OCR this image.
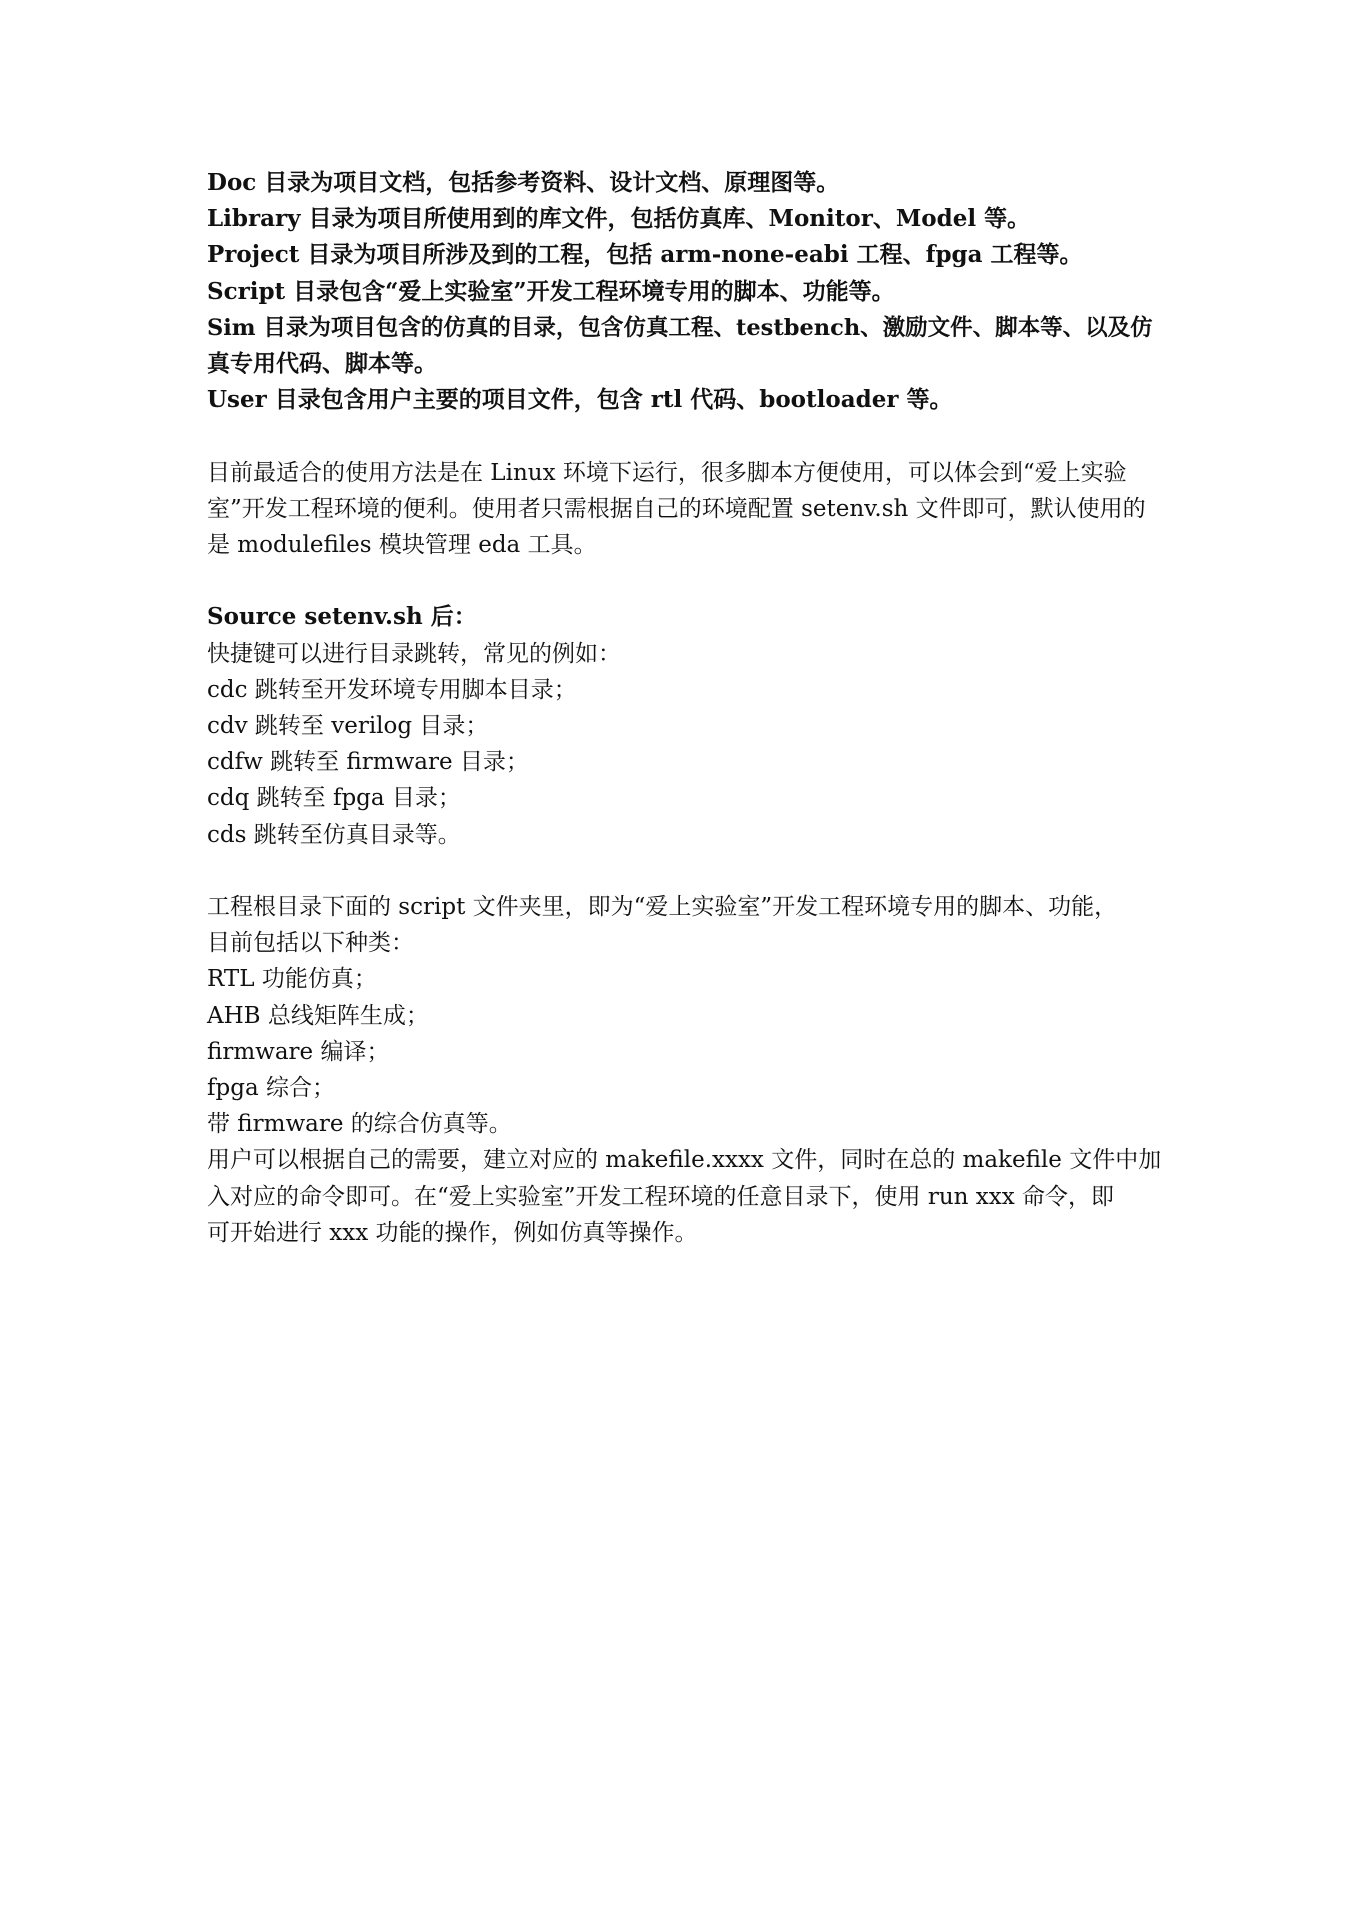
Doc 目录为项目文档，包括参考资料、设计文档、原理图等。
Library 目录为项目所使用到的库文件，包括仿真库、Monitor、Model 等。
Project 目录为项目所涉及到的工程，包括 arm-none-eabi 工程、fpga 工程等。
Script 目录包含“爱上实验室”开发工程环境专用的脚本、功能等。
Sim 目录为项目包含的仿真的目录，包含仿真工程、testbench、激励文件、脚本等、以及仿
真专用代码、脚本等。
User 目录包含用户主要的项目文件，包含 rtl 代码、bootloader 等。
目前最适合的使用方法是在 Linux 环境下运行，很多脚本方便使用，可以体会到“爱上实验
室”开发工程环境的便利。使用者只需根据自己的环境配置 setenv.sh 文件即可，默认使用的
是 modulefiles 模块管理 eda 工具。
Source setenv.sh 后：
快捷键可以进行目录跳转，常见的例如：
cdc 跳转至开发环境专用脚本目录；
cdv 跳转至 verilog 目录；
cdfw 跳转至 firmware 目录；
cdq 跳转至 fpga 目录；
cds 跳转至仿真目录等。
工程根目录下面的 script 文件夹里，即为“爱上实验室”开发工程环境专用的脚本、功能，
目前包括以下种类：
RTL 功能仿真；
AHB 总线矩阵生成；
firmware 编译；
fpga 综合；
带 firmware 的综合仿真等。
用户可以根据自己的需要，建立对应的 makefile.xxxx 文件，同时在总的 makefile 文件中加
入对应的命令即可。在“爱上实验室”开发工程环境的任意目录下，使用 run xxx 命令，即
可开始进行 xxx 功能的操作，例如仿真等操作。
